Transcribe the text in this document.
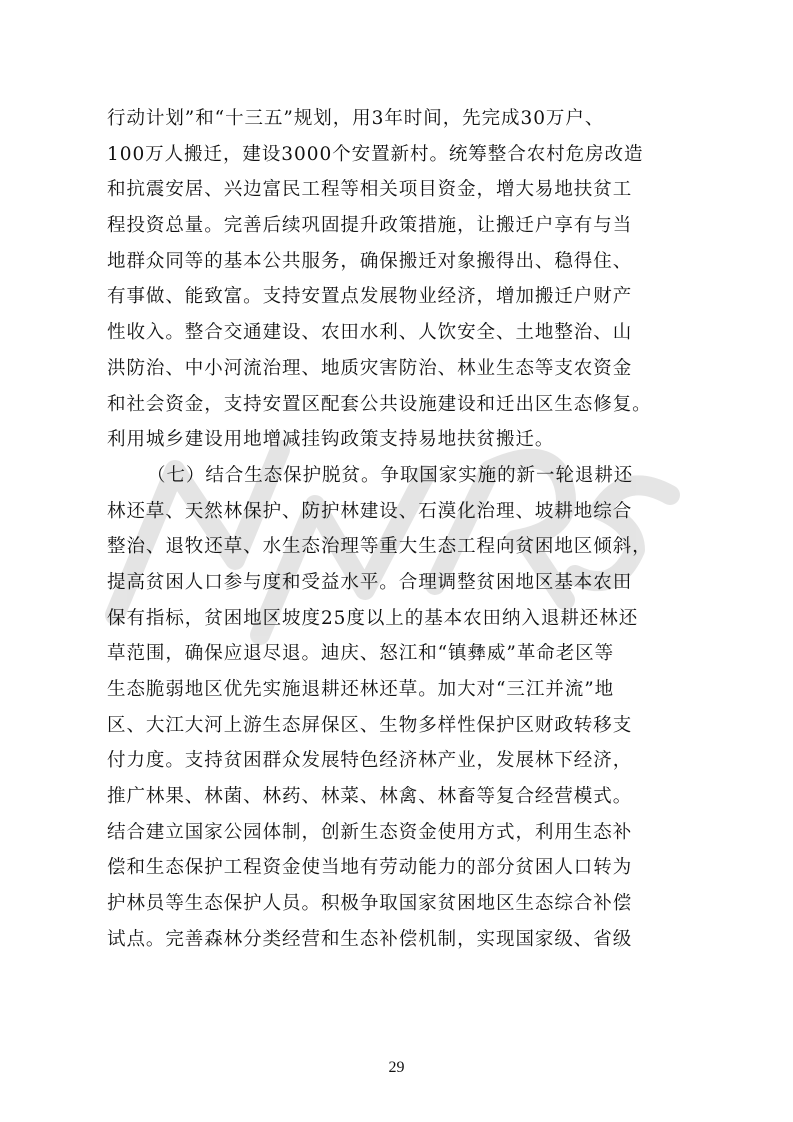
行动计划”和“十三五”规划，用3年时间，先完成30万户、
100万人搬迁，建设3000个安置新村。统筹整合农村危房改造
和抗震安居、兴边富民工程等相关项目资金，增大易地扶贫工
程投资总量。完善后续巩固提升政策措施，让搬迁户享有与当
地群众同等的基本公共服务，确保搬迁对象搬得出、稳得住、
有事做、能致富。支持安置点发展物业经济，增加搬迁户财产
性收入。整合交通建设、农田水利、人饮安全、土地整治、山
洪防治、中小河流治理、地质灾害防治、林业生态等支农资金
和社会资金，支持安置区配套公共设施建设和迁出区生态修复。
利用城乡建设用地增减挂钩政策支持易地扶贫搬迁。
（七）结合生态保护脱贫。争取国家实施的新一轮退耕还
林还草、天然林保护、防护林建设、石漠化治理、坡耕地综合
整治、退牧还草、水生态治理等重大生态工程向贫困地区倾斜，
提高贫困人口参与度和受益水平。合理调整贫困地区基本农田
保有指标，贫困地区坡度25度以上的基本农田纳入退耕还林还
草范围，确保应退尽退。迪庆、怒江和“镇彝威”革命老区等
生态脆弱地区优先实施退耕还林还草。加大对“三江并流”地
区、大江大河上游生态屏保区、生物多样性保护区财政转移支
付力度。支持贫困群众发展特色经济林产业，发展林下经济，
推广林果、林菌、林药、林菜、林禽、林畜等复合经营模式。
结合建立国家公园体制，创新生态资金使用方式，利用生态补
偿和生态保护工程资金使当地有劳动能力的部分贫困人口转为
护林员等生态保护人员。积极争取国家贫困地区生态综合补偿
试点。完善森林分类经营和生态补偿机制，实现国家级、省级
29
